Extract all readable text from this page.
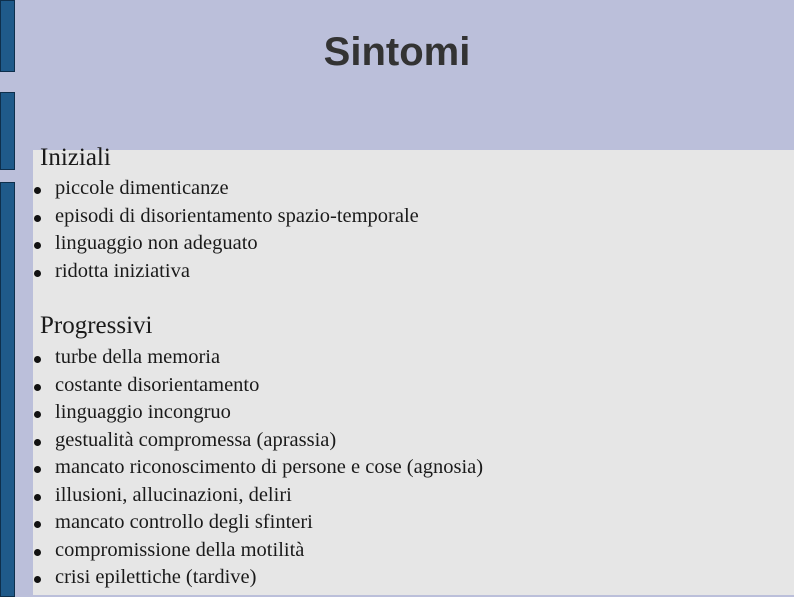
Sintomi
Iniziali
piccole dimenticanze
episodi di disorientamento spazio-temporale
linguaggio non adeguato
ridotta iniziativa
Progressivi
turbe della memoria
costante disorientamento
linguaggio incongruo
gestualità compromessa (aprassia)
mancato riconoscimento di persone e cose (agnosia)
illusioni, allucinazioni, deliri
mancato controllo degli sfinteri
compromissione della motilità
crisi epilettiche (tardive)
